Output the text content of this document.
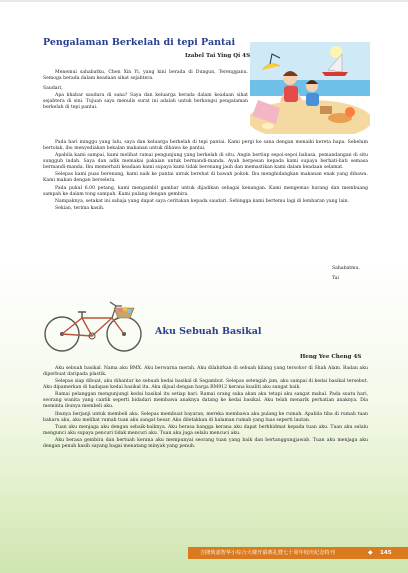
Pengalaman Berkelah di tepi Pantai
Izabel Tai Ying Qi 4S

Menemui sahabatku, Chen Xin Yi, yang kini berada di Dungun, Terengganu. Semoga berada dalam keadaan sihat sejahtera.

Saudari,

Apa khabar saudara di sana? Saya dan keluarga berada dalam keadaan sihat sejahtera di sini. Tujuan saya menulis surat ini adalah untuk berkongsi pengalaman berkelah di tepi pantai.

Pada hari minggu yang lalu, saya dan keluarga berkelah di tepi pantai. Kami pergi ke sana dengan menaiki kereta bapa. Sebelum bertolak, ibu menyediakan bekalan makanan untuk dibawa ke pantai.

Apabila kami sampai, kami melihat ramai pengunjung yang berkelah di situ. Angin bertiup sepoi-sepoi bahasa, pemandangan di situ sungguh indah. Saya dan adik memakai pakaian untuk bermandi-manda. Ayah berpesan kepada kami supaya berhati-hati semasa bermandi-manda. Ibu memerhati keadaan kami supaya kami tidak berenang jauh dan memastikan kami dalam keadaan selamat.

Selepas kami puas berenang, kami naik ke pantai untuk berehat di bawah pokok. Ibu menghidangkan makanan enak yang dibawa. Kami makan dengan berselera.

Pada pukul 6.00 petang, kami mengambil gambar untuk dijadikan sebagai kenangan. Kami mengemas barang dan membuang sampah ke dalam tong sampah. Kami pulang dengan gembira.

Nampaknya, setakat ini sahaja yang dapat saya ceritakan kepada saudari. Sehingga kami bertemu lagi di lembaran yang lain.

Sekian, terima kasih.

Sahabatmu,
Tai
Aku Sebuah Basikal
Heng Yee Cheng 4S

Aku sebuah basikal. Nama aku BMX. Aku berwarna merah. Aku dilahirkan di sebuah kilang yang tersohor di Shah Alam. Badan aku diperbuat daripada plastik.

Selepas siap dibuat, aku dihantar ke sebuah kedai basikal di Segambut. Selepas setengah jam, aku sampai di kedai basikal tersebut. Aku dipamerkan di hadapan kedai basikal itu. Aku dijual dengan harga RM912 kerana kualiti aku sangat baik.

Ramai pelanggan mengunjungi kedai basikal itu setiap hari. Ramai orang suka akan aku tetapi aku sangat mahal. Pada suatu hari, seorang wanita yang cantik seperti bidadari membawa anaknya datang ke kedai basikal. Aku telah menarik perhatian anaknya. Dia meminta ibunya membeli aku.

Ibunya berjanji untuk membeli aku. Selepas membuat bayaran, mereka membawa aku pulang ke rumah. Apabila tiba di rumah tuan baharu aku, aku melihat rumah tuan aku sangat besar. Aku diletakkan di halaman rumah yang luas seperti lautan.

Tuan aku menjaga aku dengan sebaik-baiknya. Aku berasa bangga kerana aku dapat berkhidmat kepada tuan aku. Tuan aku selalu mengunci aku supaya pencuri tidak mencuri aku. Tuan aku juga selalu mencuci aku.

Aku berasa gembira dan bertuah kerana aku mempunyai seorang tuan yang baik dan bertanggungjawab. Tuan aku menjaga aku dengan penuh kasih sayang bagai menatang minyak yang penuh.

吉隆坡嘉智华小综合大楼开幕典礼暨七十周年校庆纪念特刊	◆ 145
